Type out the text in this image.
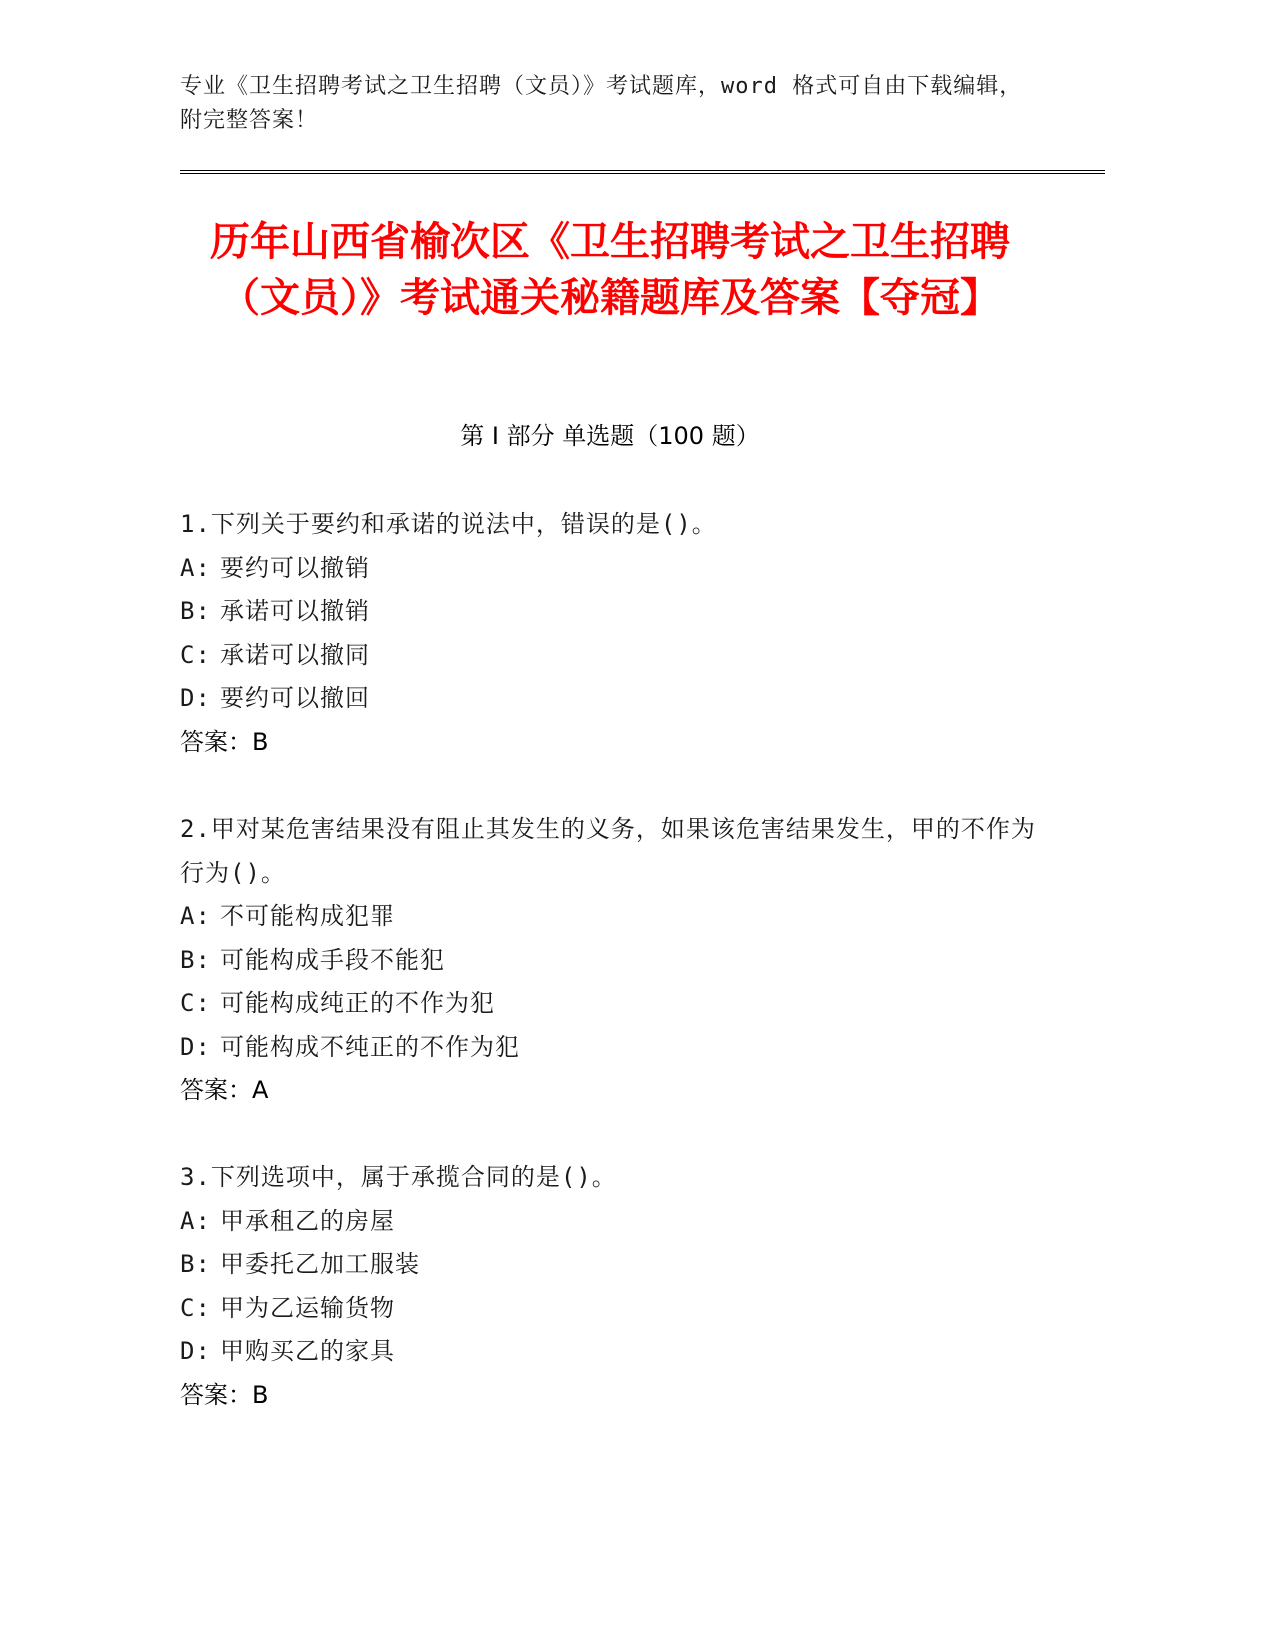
专业《卫生招聘考试之卫生招聘（文员）》考试题库，word 格式可自由下载编辑，附完整答案！
历年山西省榆次区《卫生招聘考试之卫生招聘（文员）》考试通关秘籍题库及答案【夺冠】
第 I 部分 单选题（100 题）
1.下列关于要约和承诺的说法中，错误的是()。
A: 要约可以撤销
B: 承诺可以撤销
C: 承诺可以撤同
D: 要约可以撤回
答案：B
2.甲对某危害结果没有阻止其发生的义务，如果该危害结果发生，甲的不作为行为()。
A: 不可能构成犯罪
B: 可能构成手段不能犯
C: 可能构成纯正的不作为犯
D: 可能构成不纯正的不作为犯
答案：A
3.下列选项中，属于承揽合同的是()。
A: 甲承租乙的房屋
B: 甲委托乙加工服装
C: 甲为乙运输货物
D: 甲购买乙的家具
答案：B
